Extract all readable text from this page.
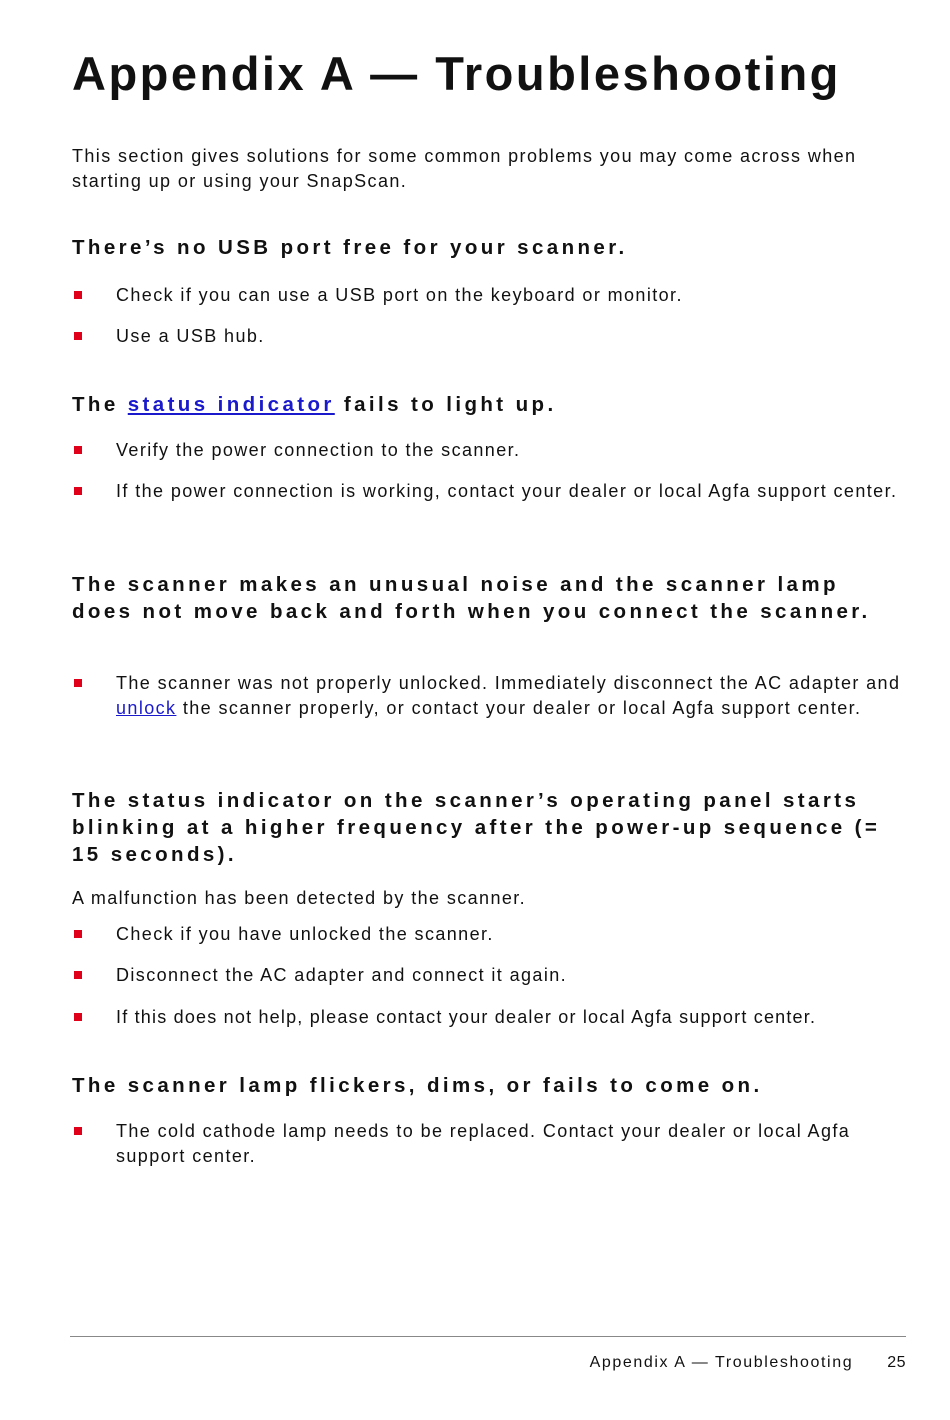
Appendix A — Troubleshooting

This section gives solutions for some common problems you may come across when starting up or using your SnapScan.

There’s no USB port free for your scanner.
Check if you can use a USB port on the keyboard or monitor.
Use a USB hub.
The status indicator fails to light up.
Verify the power connection to the scanner.
If the power connection is working, contact your dealer or local Agfa support center.
The scanner makes an unusual noise and the scanner lamp does not move back and forth when you connect the scanner.
The scanner was not properly unlocked. Immediately disconnect the AC adapter and unlock the scanner properly, or contact your dealer or local Agfa support center.
The status indicator on the scanner’s operating panel starts blinking at a higher frequency after the power-up sequence (= 15 seconds).

A malfunction has been detected by the scanner.

Check if you have unlocked the scanner.
Disconnect the AC adapter and connect it again.
If this does not help, please contact your dealer or local Agfa support center.
The scanner lamp flickers, dims, or fails to come on.
The cold cathode lamp needs to be replaced. Contact your dealer or local Agfa support center.
Appendix A — Troubleshooting 25
